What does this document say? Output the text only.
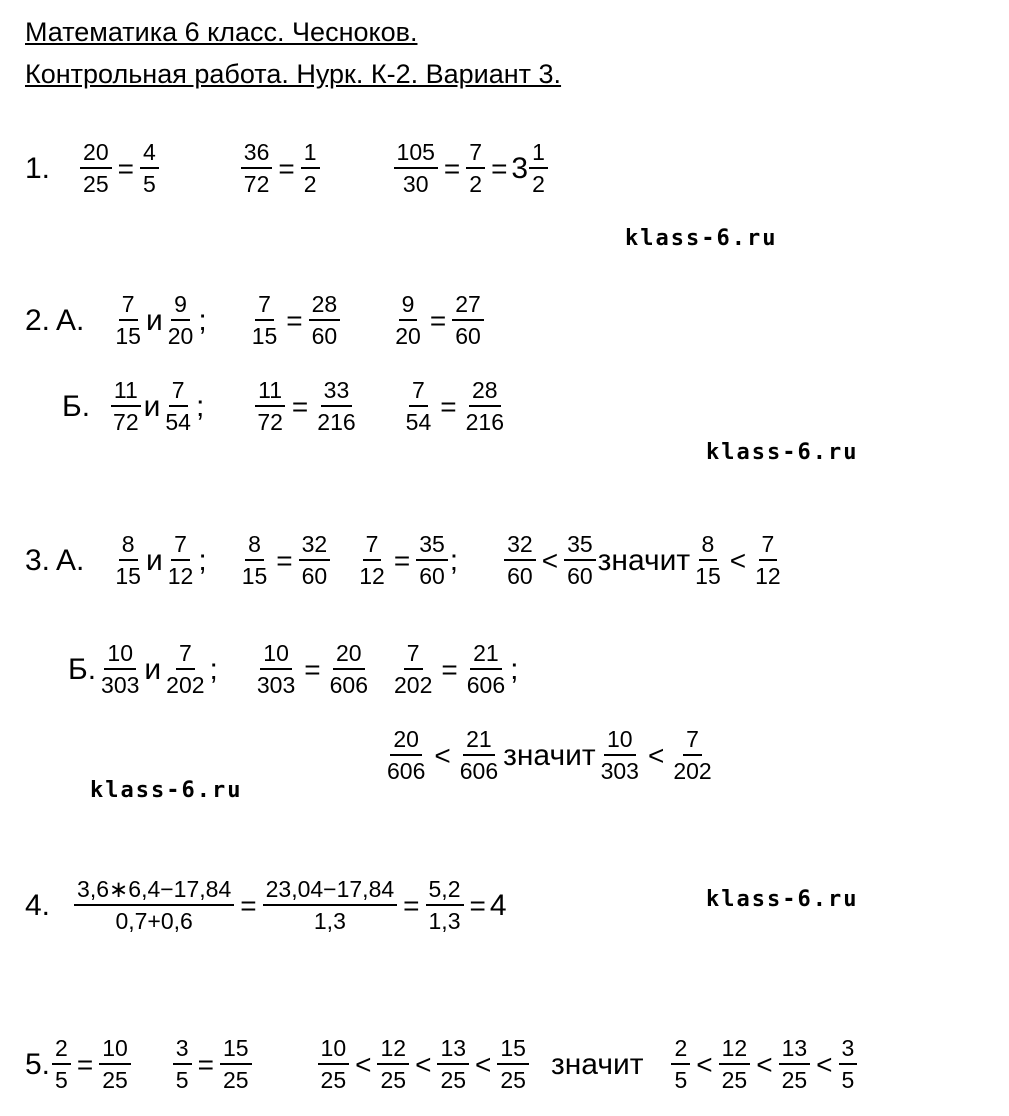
Математика 6 класс. Чесноков.
Контрольная работа. Нурк. К-2. Вариант 3.
klass-6.ru
klass-6.ru
klass-6.ru
klass-6.ru
1. $\frac{20}{25} = \frac{4}{5}$	$\frac{36}{72} = \frac{1}{2}$	$\frac{105}{30} = \frac{7}{2} = 3 \frac{1}{2}$
2. А. $\frac{7}{15}$ и $\frac{9}{20}$ ; $\frac{7}{15} = \frac{28}{60} \frac{9}{20} = \frac{27}{60}$
Б. $\frac{11}{72}$ и $\frac{7}{54}$ ; $\frac{11}{72} = \frac{33}{216} \frac{7}{54} = \frac{28}{216}$
3. А. $\frac{8}{15}$ и $\frac{7}{12}$ ; $\frac{8}{15} = \frac{32}{60} \frac{7}{12} = \frac{35}{60}$ ; $\frac{32}{60} < \frac{35}{60}$ значит $\frac{8}{15} < \frac{7}{12}$
Б. $\frac{10}{303}$ и $\frac{7}{202}$ ; $\frac{10}{303} = \frac{20}{606} \frac{7}{202} = \frac{21}{606}$ ;
$\frac{20}{606} < \frac{21}{606}$ значит $\frac{10}{303} < \frac{7}{202}$
4. $\frac{3,6∗6,4-17,84}{0,7+0,6} = \frac{23,04-17,84}{1,3} = \frac{5,2}{1,3} = 4$
5. $\frac{2}{5} = \frac{10}{25} \frac{3}{5} = \frac{15}{25}$	$\frac{10}{25} < \frac{12}{25} < \frac{13}{25} < \frac{15}{25}$ значит $\frac{2}{5} < \frac{12}{25} < \frac{13}{25} < \frac{3}{5}$
